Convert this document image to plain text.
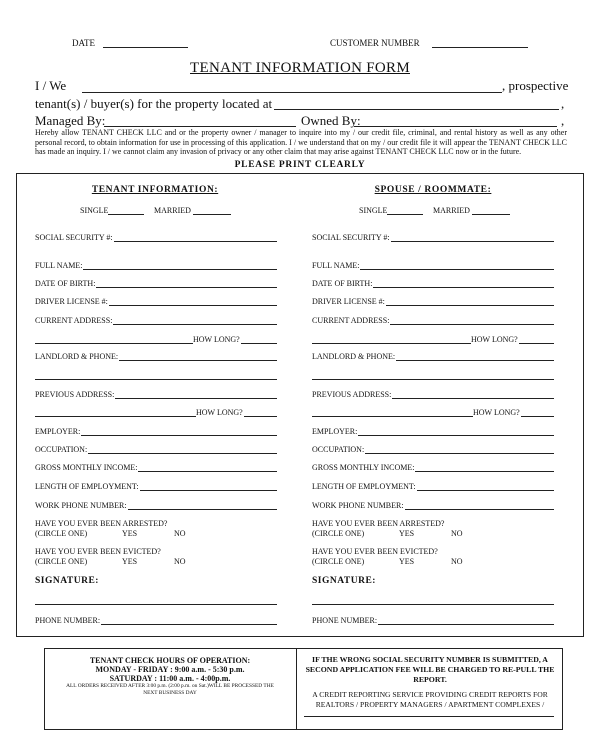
DATE	CUSTOMER NUMBER
TENANT INFORMATION FORM
I / We	, prospective
tenant(s) / buyer(s) for the property located at	,
Managed By:	Owned By:	,
Hereby allow TENANT CHECK LLC and or the property owner / manager to inquire into my / our credit file, criminal, and rental history as well as any other personal record, to obtain information for use in processing of this application. I / we understand that on my / our credit file it will appear the TENANT CHECK LLC has made an inquiry. I / we cannot claim any invasion of privacy or any other claim that may arise against TENANT CHECK LLC now or in the future.
PLEASE PRINT CLEARLY
TENANT INFORMATION:	SPOUSE / ROOMMATE:
SINGLE	MARRIED	SINGLE	MARRIED
SOCIAL SECURITY #:
FULL NAME:
DATE OF BIRTH:
DRIVER LICENSE #:
CURRENT ADDRESS:
HOW LONG?
LANDLORD & PHONE:
PREVIOUS ADDRESS:
HOW LONG?
EMPLOYER:
OCCUPATION:
GROSS MONTHLY INCOME:
LENGTH OF EMPLOYMENT:
WORK PHONE NUMBER:
HAVE YOU EVER BEEN ARRESTED?
(CIRCLE ONE)	YES	NO
HAVE YOU EVER BEEN EVICTED?
(CIRCLE ONE)	YES	NO
SIGNATURE:
PHONE NUMBER:
SOCIAL SECURITY #:
FULL NAME:
DATE OF BIRTH:
DRIVER LICENSE #:
CURRENT ADDRESS:
HOW LONG?
LANDLORD & PHONE:
PREVIOUS ADDRESS:
HOW LONG?
EMPLOYER:
OCCUPATION:
GROSS MONTHLY INCOME:
LENGTH OF EMPLOYMENT:
WORK PHONE NUMBER:
HAVE YOU EVER BEEN ARRESTED?
(CIRCLE ONE)	YES	NO
HAVE YOU EVER BEEN EVICTED?
(CIRCLE ONE)	YES	NO
SIGNATURE:
PHONE NUMBER:
TENANT CHECK HOURS OF OPERATION:
MONDAY - FRIDAY : 9:00 a.m. - 5:30 p.m.
SATURDAY : 11:00 a.m. - 4:00p.m.
ALL ORDERS RECEIVED AFTER 3:00 p.m. (2:00 p.m. on Sat.)WILL BE PROCESSED THE
NEXT BUSINESS DAY
IF THE WRONG SOCIAL SECURITY NUMBER IS SUBMITTED, A SECOND APPLICATION FEE WILL BE CHARGED TO RE-PULL THE REPORT.
A CREDIT REPORTING SERVICE PROVIDING CREDIT REPORTS FOR
REALTORS / PROPERTY MANAGERS / APARTMENT COMPLEXES /
